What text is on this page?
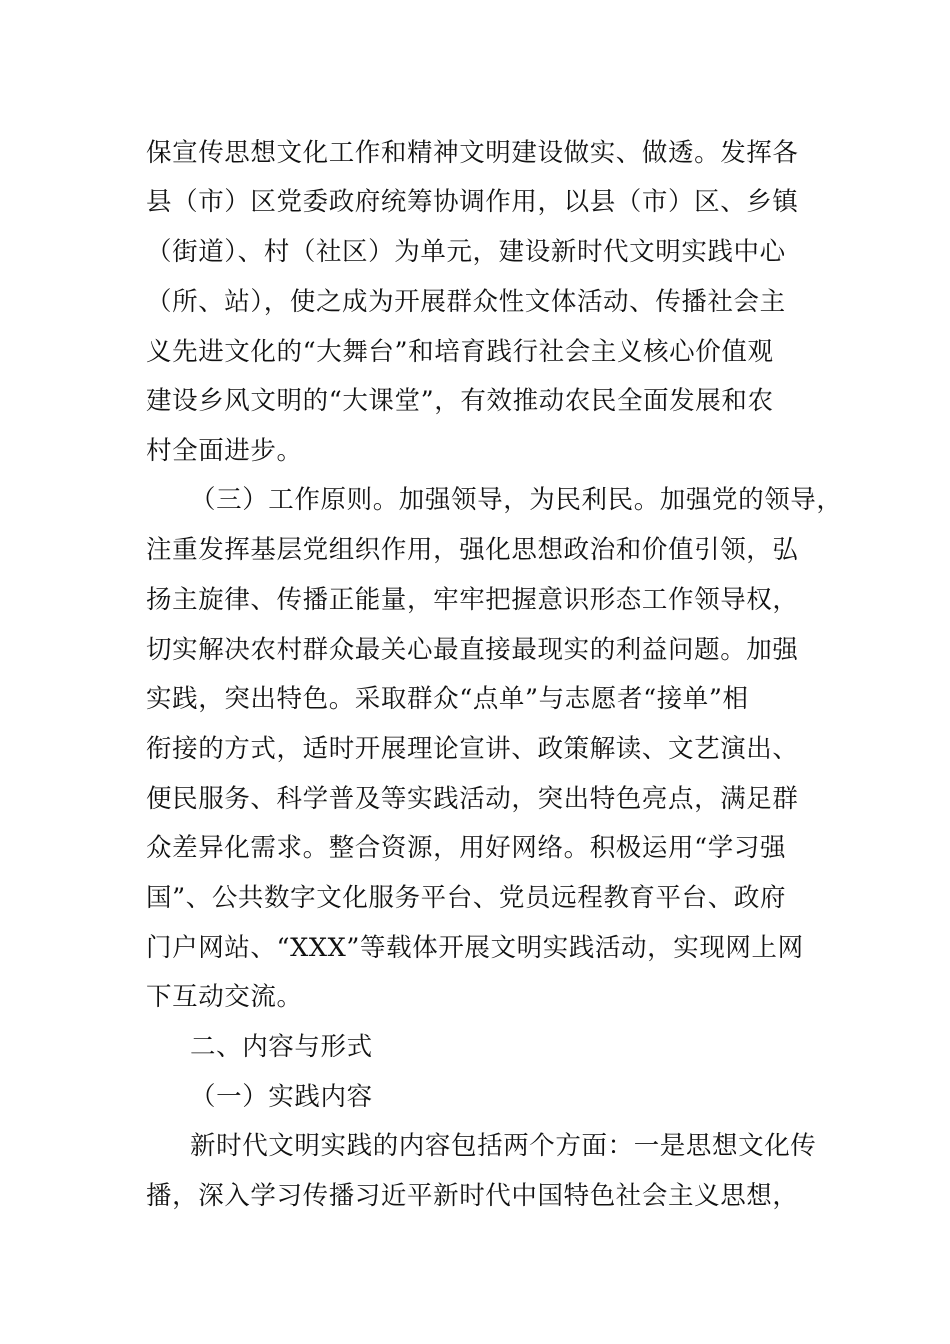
保宣传思想文化工作和精神文明建设做实、做透。发挥各
县（市）区党委政府统筹协调作用，以县（市）区、乡镇
（街道）、村（社区）为单元，建设新时代文明实践中心
（所、站），使之成为开展群众性文体活动、传播社会主
义先进文化的“大舞台”和培育践行社会主义核心价值观
建设乡风文明的“大课堂”，有效推动农民全面发展和农
村全面进步。
（三）工作原则。加强领导，为民利民。加强党的领导，
注重发挥基层党组织作用，强化思想政治和价值引领，弘
扬主旋律、传播正能量，牢牢把握意识形态工作领导权，
切实解决农村群众最关心最直接最现实的利益问题。加强
实践，突出特色。采取群众“点单”与志愿者“接单”相
衔接的方式，适时开展理论宣讲、政策解读、文艺演出、
便民服务、科学普及等实践活动，突出特色亮点，满足群
众差异化需求。整合资源，用好网络。积极运用“学习强
国”、公共数字文化服务平台、党员远程教育平台、政府
门户网站、“XXX”等载体开展文明实践活动，实现网上网
下互动交流。
二、内容与形式
（一）实践内容
新时代文明实践的内容包括两个方面：一是思想文化传
播，深入学习传播习近平新时代中国特色社会主义思想，
